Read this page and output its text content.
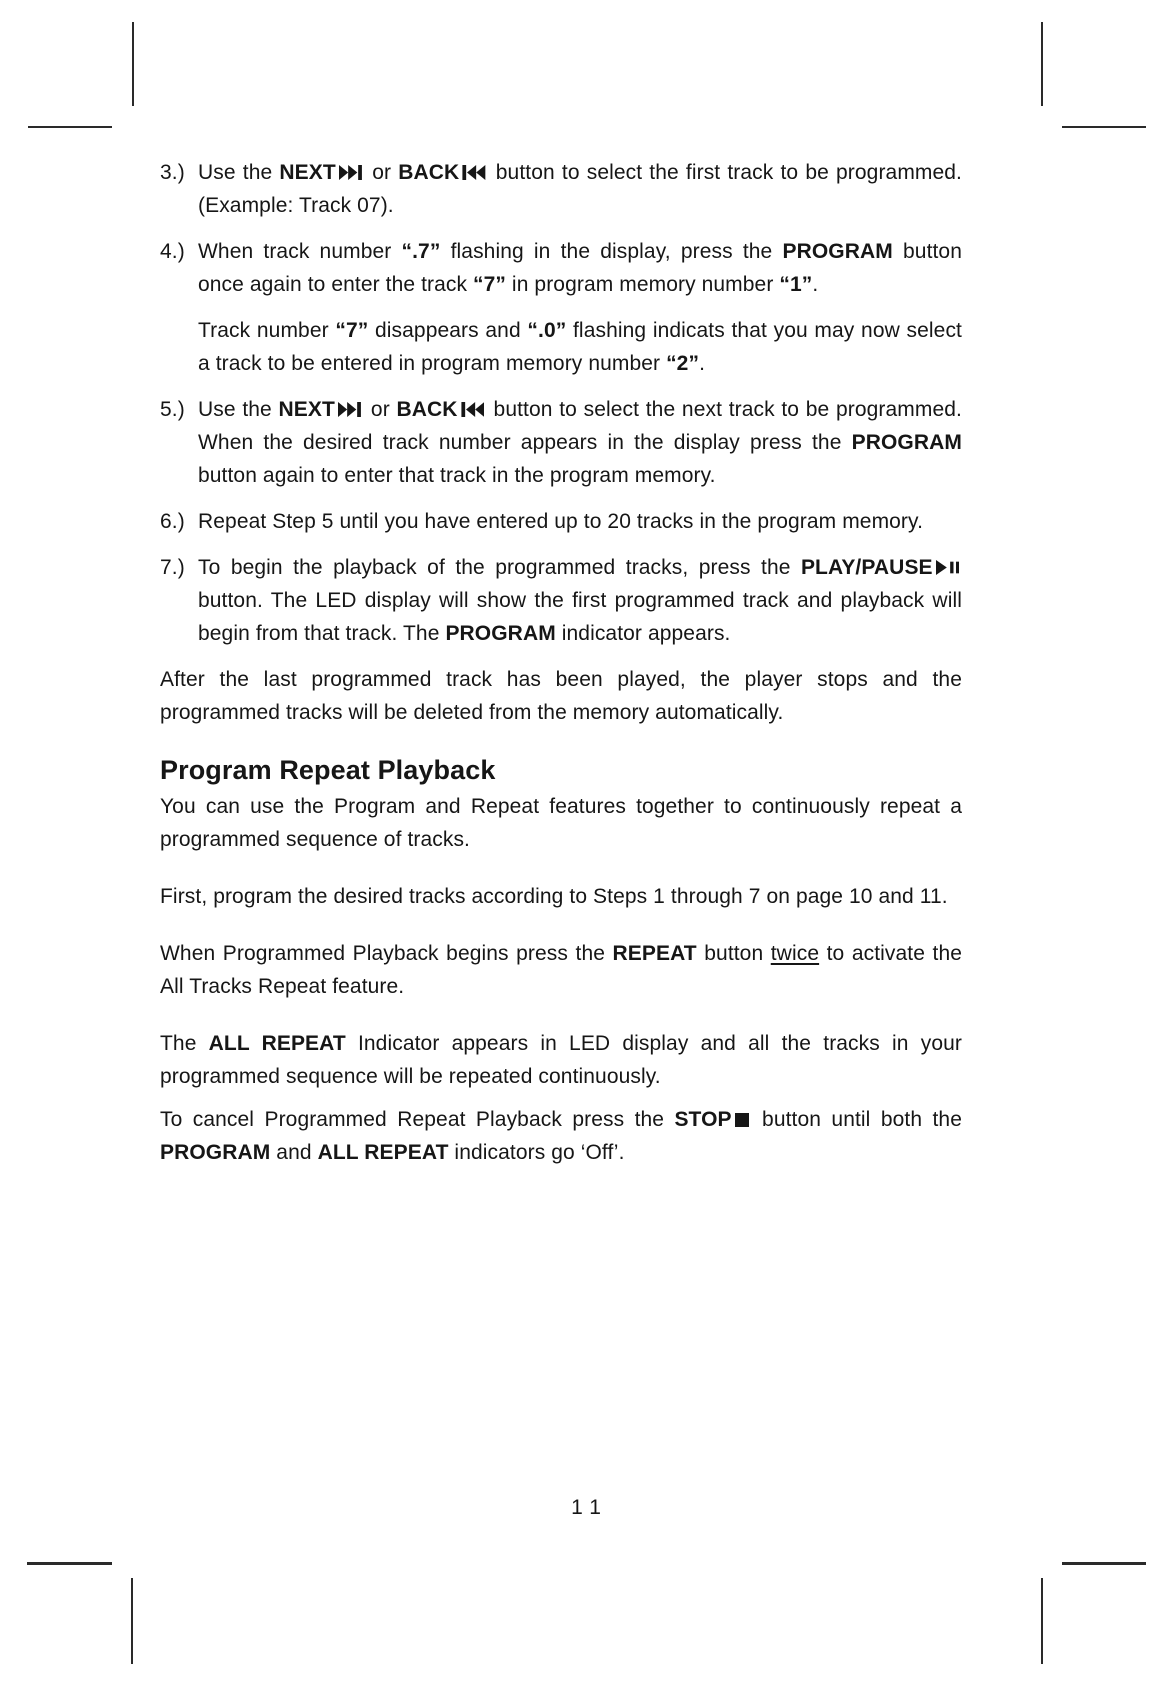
3.) Use the NEXT or BACK button to select the first track to be programmed. (Example: Track 07).
4.) When track number “.7” flashing in the display, press the PROGRAM button once again to enter the track “7” in program memory number “1”.
Track number “7” disappears and “.0” flashing indicats that you may now select a track to be entered in program memory number “2”.
5.) Use the NEXT or BACK button to select the next track to be programmed. When the desired track number appears in the display press the PROGRAM button again to enter that track in the program memory.
6.) Repeat Step 5 until you have entered up to 20 tracks in the program memory.
7.) To begin the playback of the programmed tracks, press the PLAY/PAUSE button. The LED display will show the first programmed track and playback will begin from that track. The PROGRAM indicator appears.
After the last programmed track has been played, the player stops and the programmed tracks will be deleted from the memory automatically.
Program Repeat Playback
You can use the Program and Repeat features together to continuously repeat a programmed sequence of tracks.
First, program the desired tracks according to Steps 1 through 7 on page 10 and 11.
When Programmed Playback begins press the REPEAT button twice to activate the All Tracks Repeat feature.
The ALL REPEAT Indicator appears in LED display and all the tracks in your programmed sequence will be repeated continuously.
To cancel Programmed Repeat Playback press the STOP button until both the PROGRAM and ALL REPEAT indicators go ‘Off’.
11
